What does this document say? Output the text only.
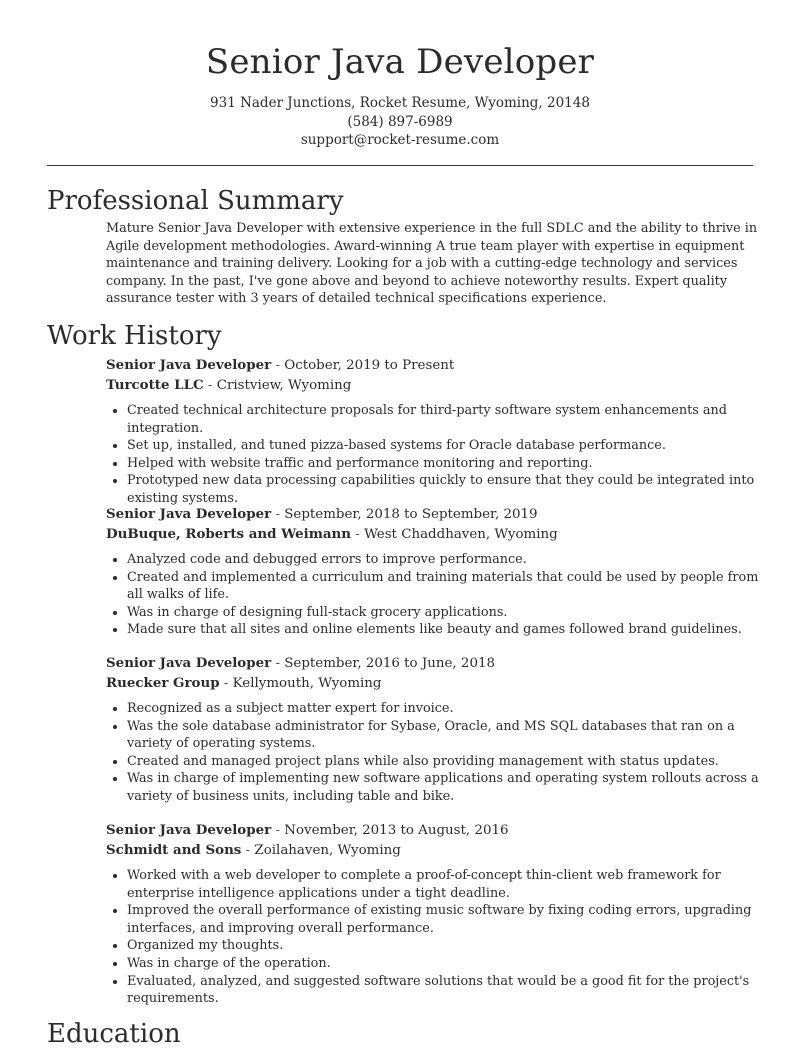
Senior Java Developer
931 Nader Junctions, Rocket Resume, Wyoming, 20148
(584) 897-6989
support@rocket-resume.com
Professional Summary
Mature Senior Java Developer with extensive experience in the full SDLC and the ability to thrive in Agile development methodologies. Award-winning A true team player with expertise in equipment maintenance and training delivery. Looking for a job with a cutting-edge technology and services company. In the past, I've gone above and beyond to achieve noteworthy results. Expert quality assurance tester with 3 years of detailed technical specifications experience.
Work History
Senior Java Developer - October, 2019 to Present
Turcotte LLC - Cristview, Wyoming
• Created technical architecture proposals for third-party software system enhancements and integration.
• Set up, installed, and tuned pizza-based systems for Oracle database performance.
• Helped with website traffic and performance monitoring and reporting.
• Prototyped new data processing capabilities quickly to ensure that they could be integrated into existing systems.
Senior Java Developer - September, 2018 to September, 2019
DuBuque, Roberts and Weimann - West Chaddhaven, Wyoming
• Analyzed code and debugged errors to improve performance.
• Created and implemented a curriculum and training materials that could be used by people from all walks of life.
• Was in charge of designing full-stack grocery applications.
• Made sure that all sites and online elements like beauty and games followed brand guidelines.
Senior Java Developer - September, 2016 to June, 2018
Ruecker Group - Kellymouth, Wyoming
• Recognized as a subject matter expert for invoice.
• Was the sole database administrator for Sybase, Oracle, and MS SQL databases that ran on a variety of operating systems.
• Created and managed project plans while also providing management with status updates.
• Was in charge of implementing new software applications and operating system rollouts across a variety of business units, including table and bike.
Senior Java Developer - November, 2013 to August, 2016
Schmidt and Sons - Zoilahaven, Wyoming
• Worked with a web developer to complete a proof-of-concept thin-client web framework for enterprise intelligence applications under a tight deadline.
• Improved the overall performance of existing music software by fixing coding errors, upgrading interfaces, and improving overall performance.
• Organized my thoughts.
• Was in charge of the operation.
• Evaluated, analyzed, and suggested software solutions that would be a good fit for the project's requirements.
Education
